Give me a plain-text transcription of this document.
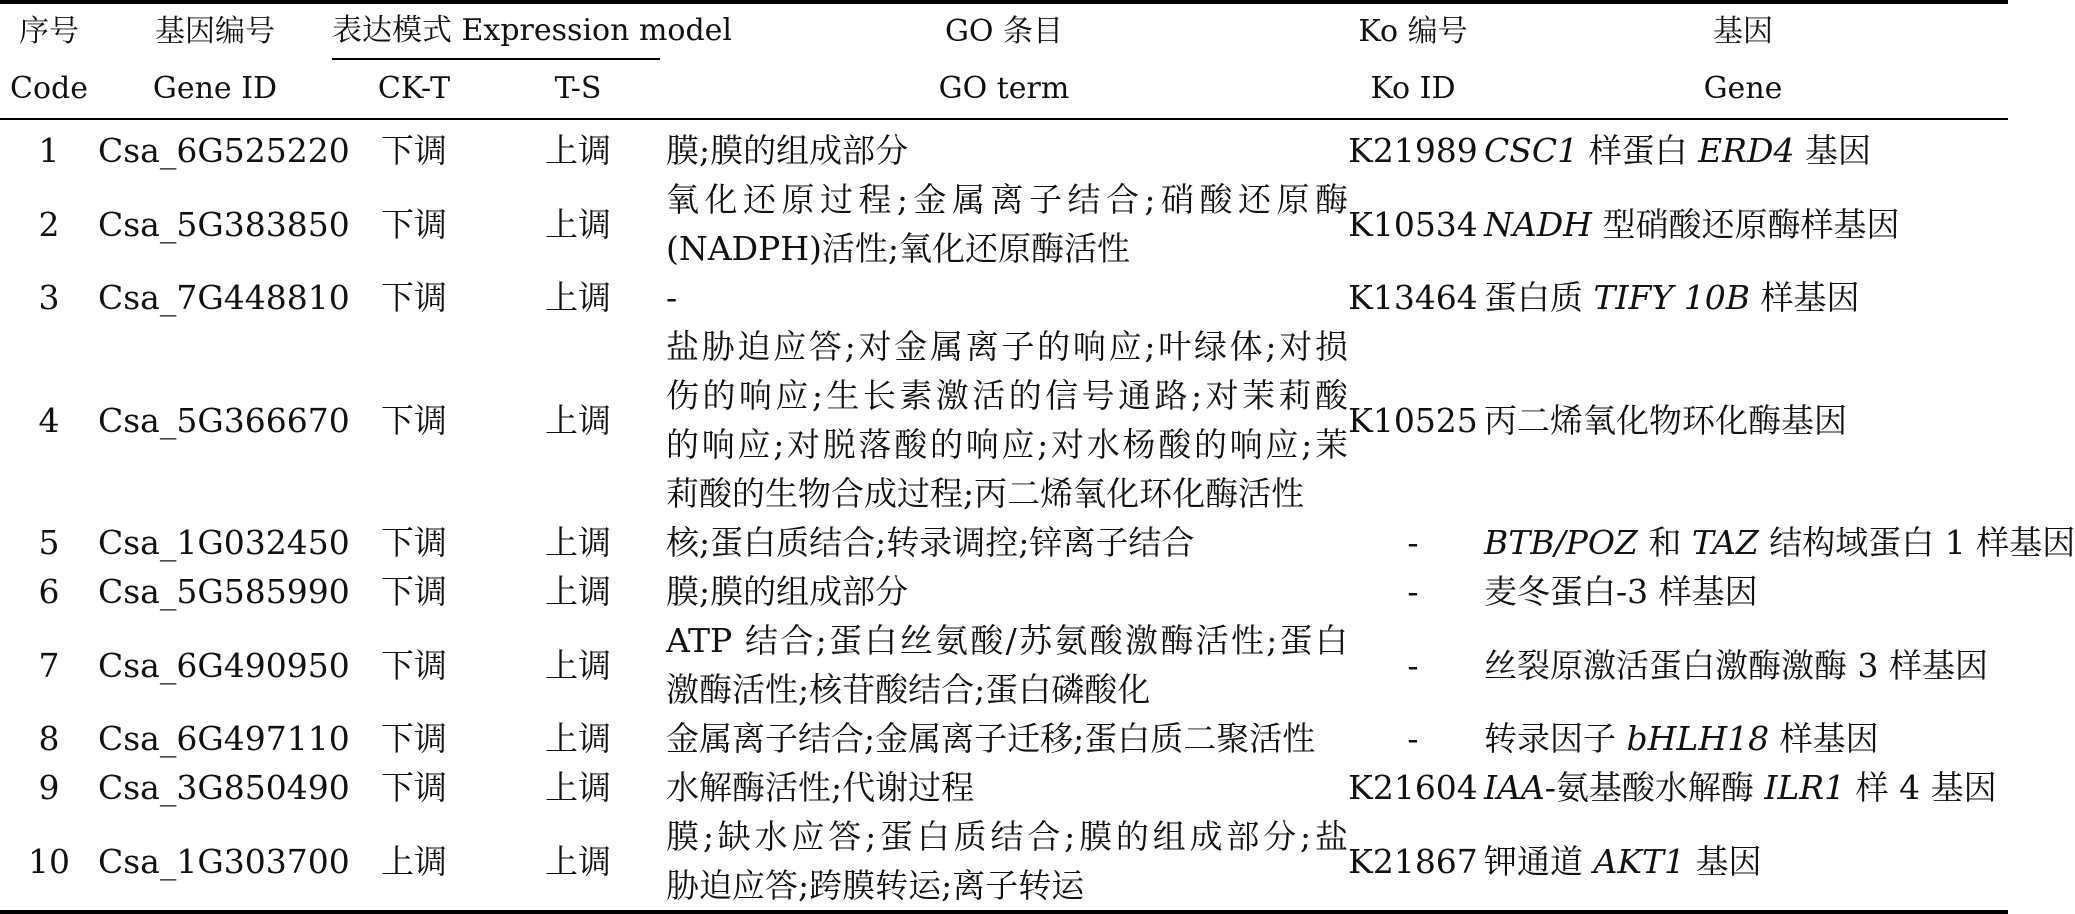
序号	基因编号	表达模式 Expression model		GO 条目	Ko 编号	基因
Code	Gene ID	CK-T	T-S	GO term	Ko ID	Gene

1	Csa_6G525220	下调	上调	膜;膜的组成部分	K21989	CSC1 样蛋白 ERD4 基因
2	Csa_5G383850	下调	上调	氧化还原过程;金属离子结合;硝酸还原酶
(NADPH)活性;氧化还原酶活性	K10534	NADH 型硝酸还原酶样基因
3	Csa_7G448810	下调	上调	-	K13464	蛋白质 TIFY 10B 样基因
4	Csa_5G366670	下调	上调	盐胁迫应答;对金属离子的响应;叶绿体;对损
伤的响应;生长素激活的信号通路;对茉莉酸
的响应;对脱落酸的响应;对水杨酸的响应;茉
莉酸的生物合成过程;丙二烯氧化环化酶活性	K10525	丙二烯氧化物环化酶基因
5	Csa_1G032450	下调	上调	核;蛋白质结合;转录调控;锌离子结合	-	BTB/POZ 和 TAZ 结构域蛋白 1 样基因
6	Csa_5G585990	下调	上调	膜;膜的组成部分	-	麦冬蛋白-3 样基因
7	Csa_6G490950	下调	上调	ATP 结合;蛋白丝氨酸/苏氨酸激酶活性;蛋白
激酶活性;核苷酸结合;蛋白磷酸化	-	丝裂原激活蛋白激酶激酶 3 样基因
8	Csa_6G497110	下调	上调	金属离子结合;金属离子迁移;蛋白质二聚活性	-	转录因子 bHLH18 样基因
9	Csa_3G850490	下调	上调	水解酶活性;代谢过程	K21604	IAA-氨基酸水解酶 ILR1 样 4 基因
10	Csa_1G303700	上调	上调	膜;缺水应答;蛋白质结合;膜的组成部分;盐
胁迫应答;跨膜转运;离子转运	K21867	钾通道 AKT1 基因
